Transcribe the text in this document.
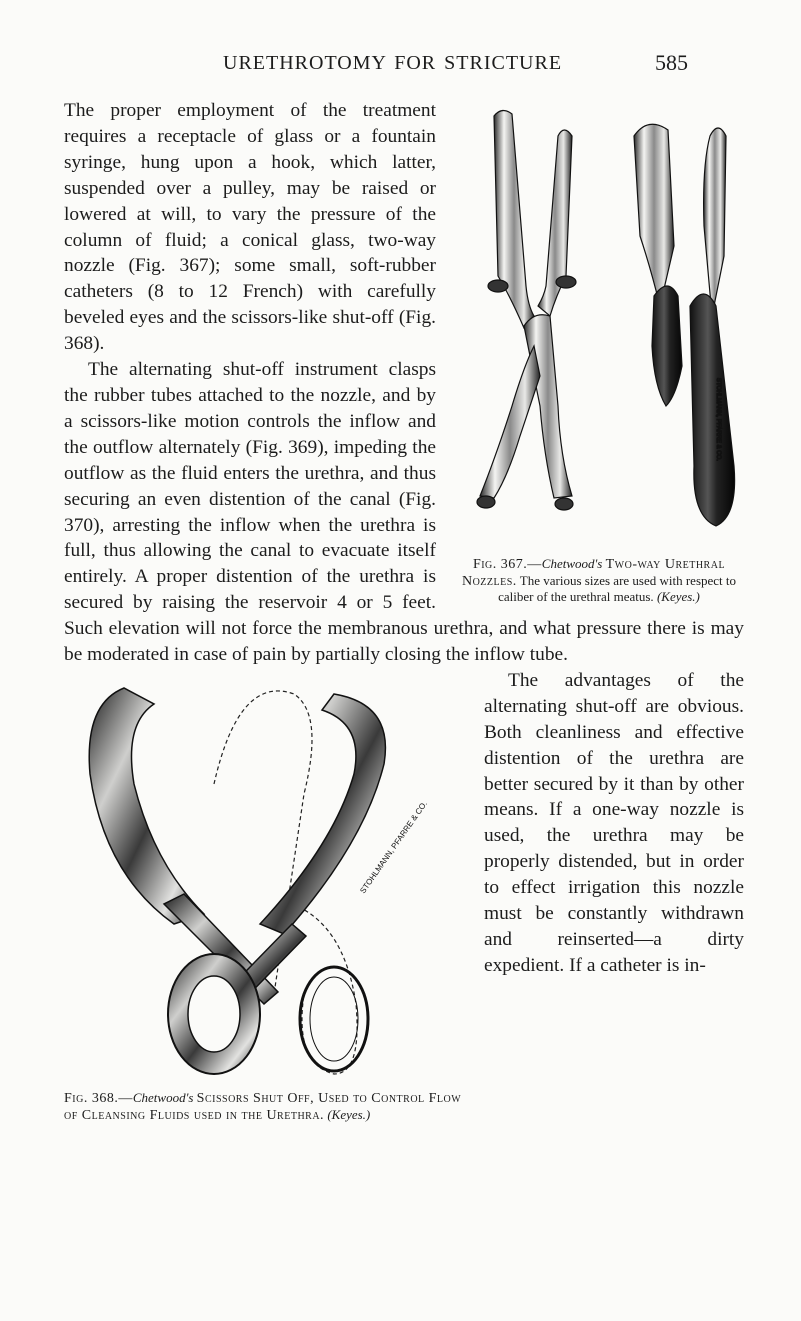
URETHROTOMY FOR STRICTURE	585
STOHLMANN, PFARRE & CO.
Fig. 367.—Chetwood's Two-way Urethral Nozzles. The various sizes are used with respect to caliber of the urethral meatus. (Keyes.)

The proper employment of the treatment requires a receptacle of glass or a fountain syringe, hung upon a hook, which latter, suspended over a pulley, may be raised or lowered at will, to vary the pressure of the column of fluid; a conical glass, two-way nozzle (Fig. 367); some small, soft-rubber catheters (8 to 12 French) with carefully beveled eyes and the scissors-like shut-off (Fig. 368).

The alternating shut-off instrument clasps the rubber tubes attached to the nozzle, and by a scissors-like motion controls the inflow and the outflow alternately (Fig. 369), impeding the outflow as the fluid enters the urethra, and thus securing an even distention of the canal (Fig. 370), arresting the inflow when the urethra is full, thus allowing the canal to evacuate itself entirely. A proper distention of the urethra is secured by raising the reservoir 4 or 5 feet. Such elevation will not force the membranous urethra, and what pressure there is may be moderated in case of pain by partially closing the inflow tube.

STOHLMANN, PFARRE & CO.
Fig. 368.—Chetwood's Scissors Shut Off, Used to Control Flow of Cleansing Fluids used in the Urethra. (Keyes.)

The advantages of the alternating shut-off are obvious. Both cleanliness and effective distention of the urethra are better secured by it than by other means. If a one-way nozzle is used, the urethra may be properly distended, but in order to effect irrigation this nozzle must be constantly withdrawn and reinserted—a dirty expedient. If a catheter is in-
